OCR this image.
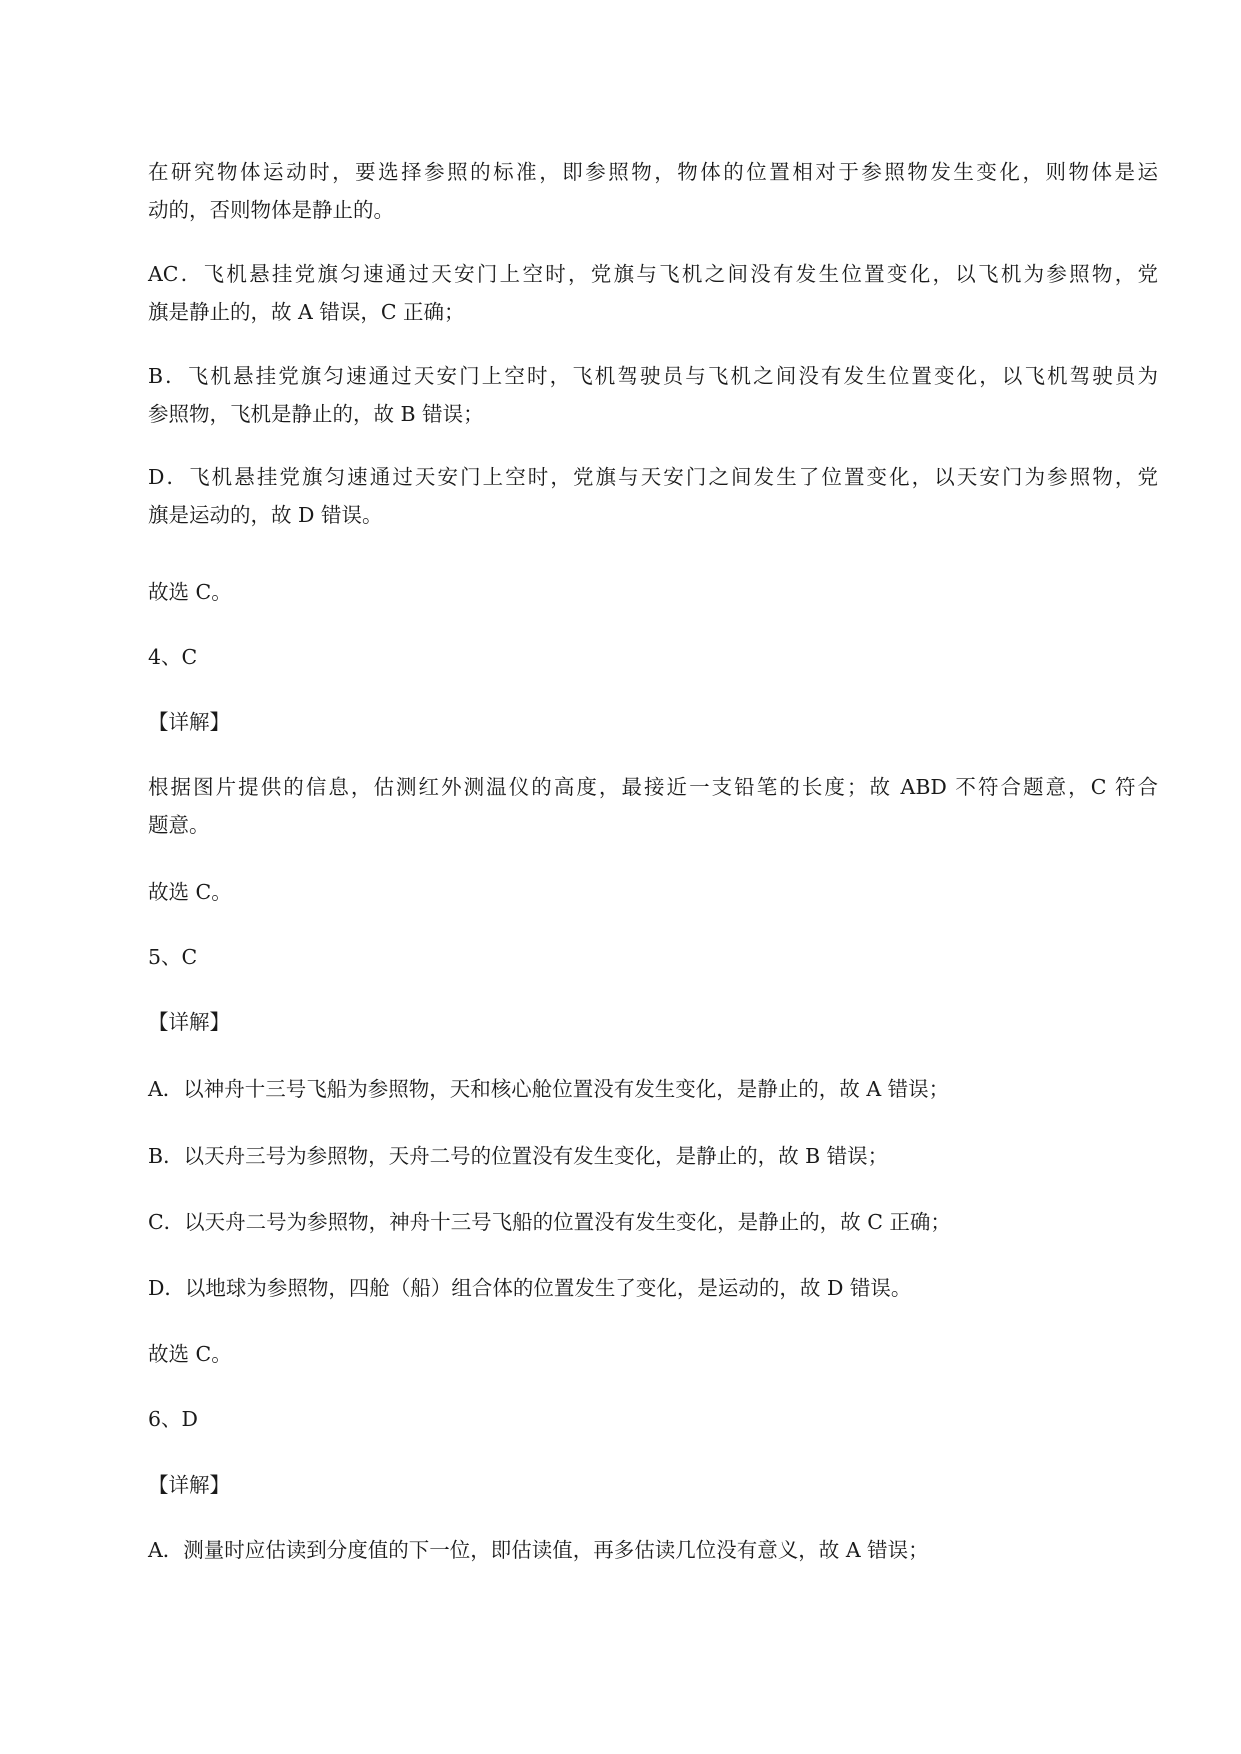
在研究物体运动时，要选择参照的标准，即参照物，物体的位置相对于参照物发生变化，则物体是运

动的，否则物体是静止的。

AC．飞机悬挂党旗匀速通过天安门上空时，党旗与飞机之间没有发生位置变化，以飞机为参照物，党

旗是静止的，故 A 错误，C 正确；

B．飞机悬挂党旗匀速通过天安门上空时，飞机驾驶员与飞机之间没有发生位置变化，以飞机驾驶员为

参照物，飞机是静止的，故 B 错误；

D．飞机悬挂党旗匀速通过天安门上空时，党旗与天安门之间发生了位置变化，以天安门为参照物，党

旗是运动的，故 D 错误。

故选 C。

4、C

【详解】

根据图片提供的信息，估测红外测温仪的高度，最接近一支铅笔的长度；故 ABD 不符合题意，C 符合

题意。

故选 C。

5、C

【详解】

A．以神舟十三号飞船为参照物，天和核心舱位置没有发生变化，是静止的，故 A 错误；

B．以天舟三号为参照物，天舟二号的位置没有发生变化，是静止的，故 B 错误；

C．以天舟二号为参照物，神舟十三号飞船的位置没有发生变化，是静止的，故 C 正确；

D．以地球为参照物，四舱（船）组合体的位置发生了变化，是运动的，故 D 错误。

故选 C。

6、D

【详解】

A．测量时应估读到分度值的下一位，即估读值，再多估读几位没有意义，故 A 错误；
